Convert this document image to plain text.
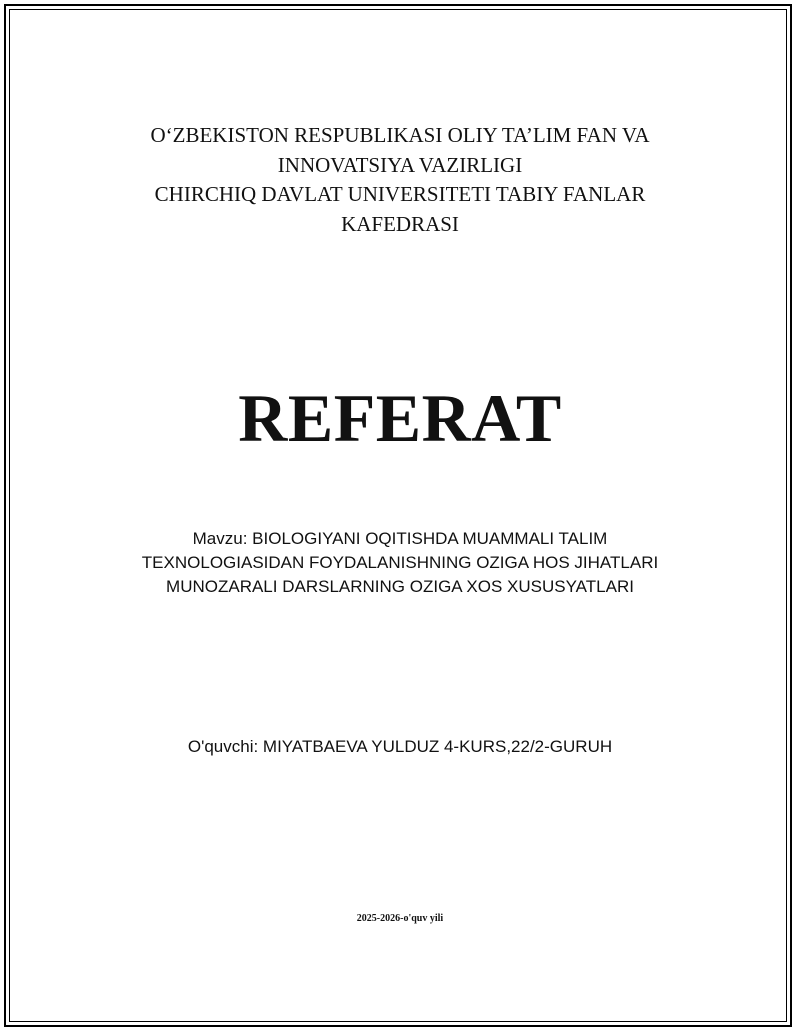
O‘ZBEKISTON RESPUBLIKASI OLIY TA’LIM FAN VA
INNOVATSIYA VAZIRLIGI
CHIRCHIQ DAVLAT UNIVERSITETI TABIY FANLAR
KAFEDRASI
REFERAT
Mavzu: BIOLOGIYANI OQITISHDA MUAMMALI TALIM
TEXNOLOGIASIDAN FOYDALANISHNING OZIGA HOS JIHATLARI
MUNOZARALI DARSLARNING OZIGA XOS XUSUSYATLARI
O'quvchi: MIYATBAEVA YULDUZ 4-KURS,22/2-GURUH
2025-2026-o'quv yili
